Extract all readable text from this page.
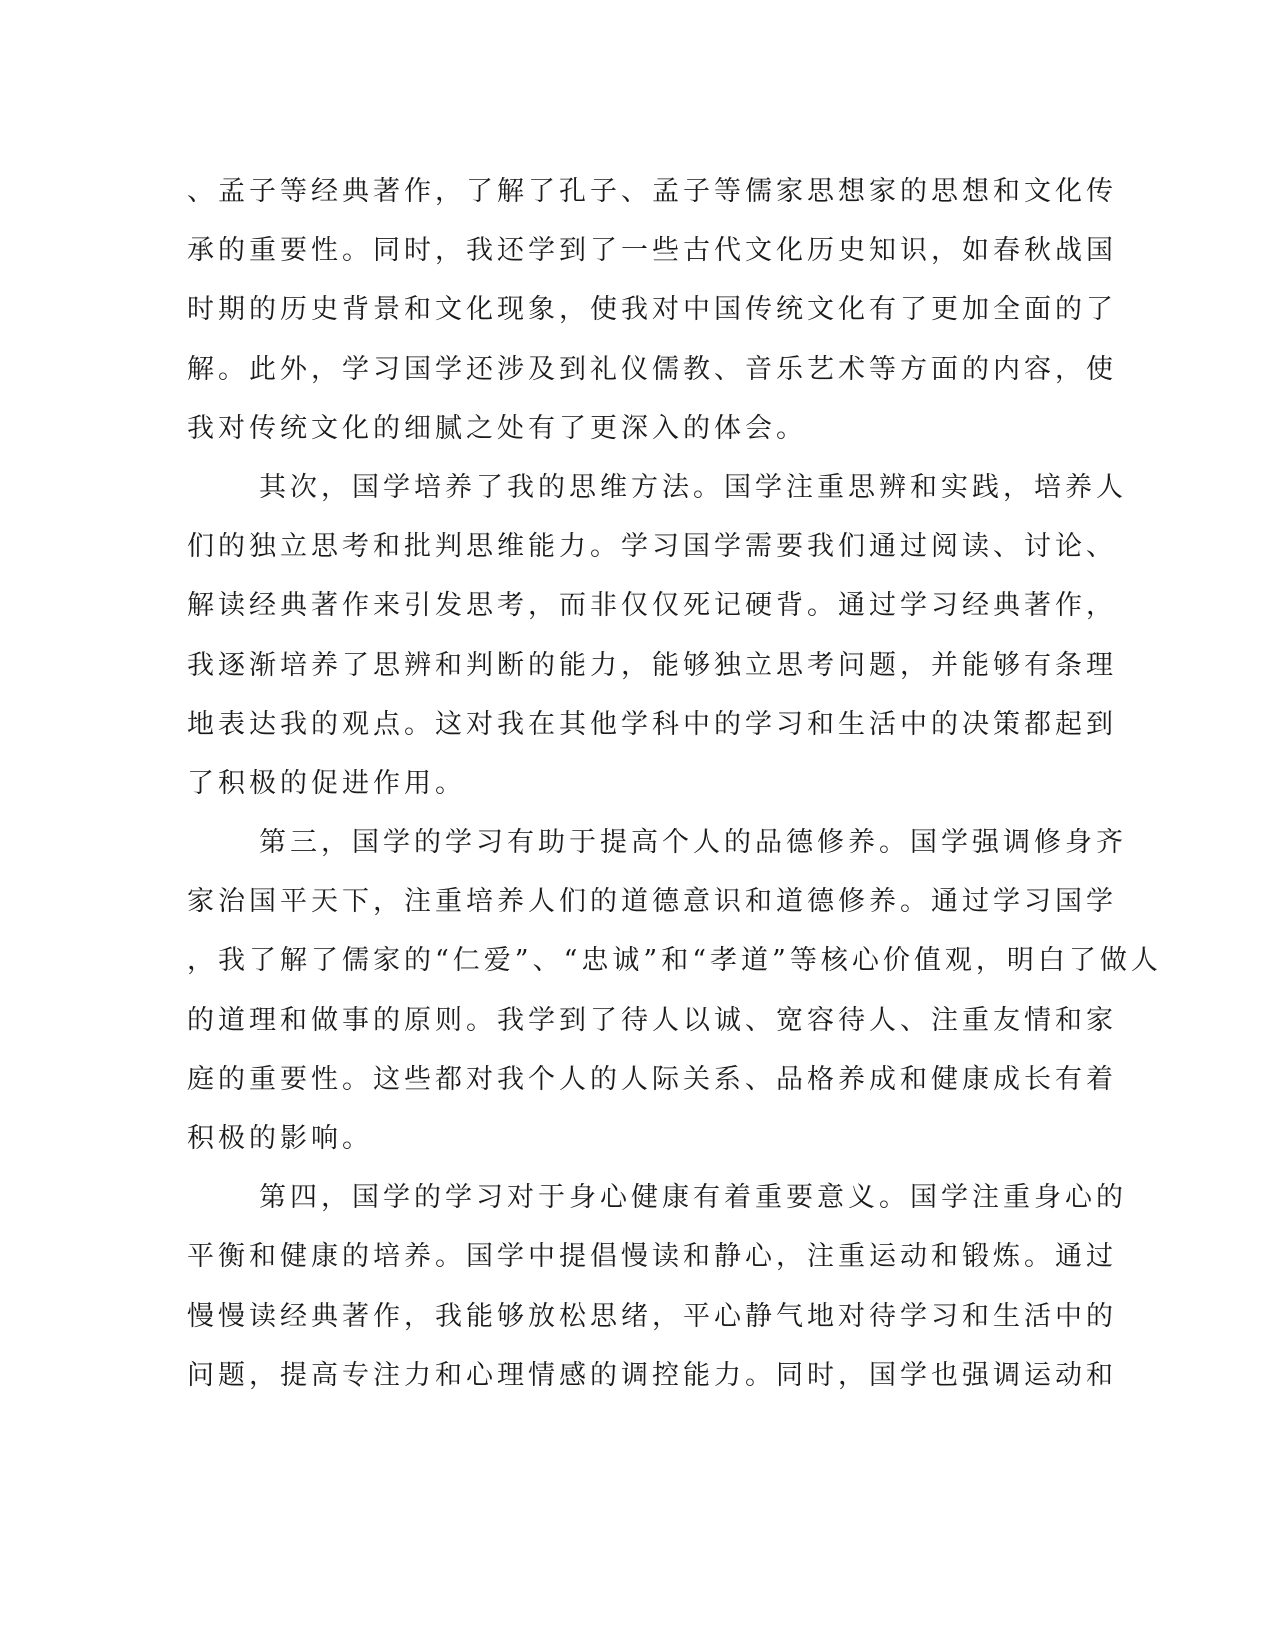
、孟子等经典著作，了解了孔子、孟子等儒家思想家的思想和文化传
承的重要性。同时，我还学到了一些古代文化历史知识，如春秋战国
时期的历史背景和文化现象，使我对中国传统文化有了更加全面的了
解。此外，学习国学还涉及到礼仪儒教、音乐艺术等方面的内容，使
我对传统文化的细腻之处有了更深入的体会。
其次，国学培养了我的思维方法。国学注重思辨和实践，培养人
们的独立思考和批判思维能力。学习国学需要我们通过阅读、讨论、
解读经典著作来引发思考，而非仅仅死记硬背。通过学习经典著作，
我逐渐培养了思辨和判断的能力，能够独立思考问题，并能够有条理
地表达我的观点。这对我在其他学科中的学习和生活中的决策都起到
了积极的促进作用。
第三，国学的学习有助于提高个人的品德修养。国学强调修身齐
家治国平天下，注重培养人们的道德意识和道德修养。通过学习国学
，我了解了儒家的“仁爱”、“忠诚”和“孝道”等核心价值观，明白了做人
的道理和做事的原则。我学到了待人以诚、宽容待人、注重友情和家
庭的重要性。这些都对我个人的人际关系、品格养成和健康成长有着
积极的影响。
第四，国学的学习对于身心健康有着重要意义。国学注重身心的
平衡和健康的培养。国学中提倡慢读和静心，注重运动和锻炼。通过
慢慢读经典著作，我能够放松思绪，平心静气地对待学习和生活中的
问题，提高专注力和心理情感的调控能力。同时，国学也强调运动和
